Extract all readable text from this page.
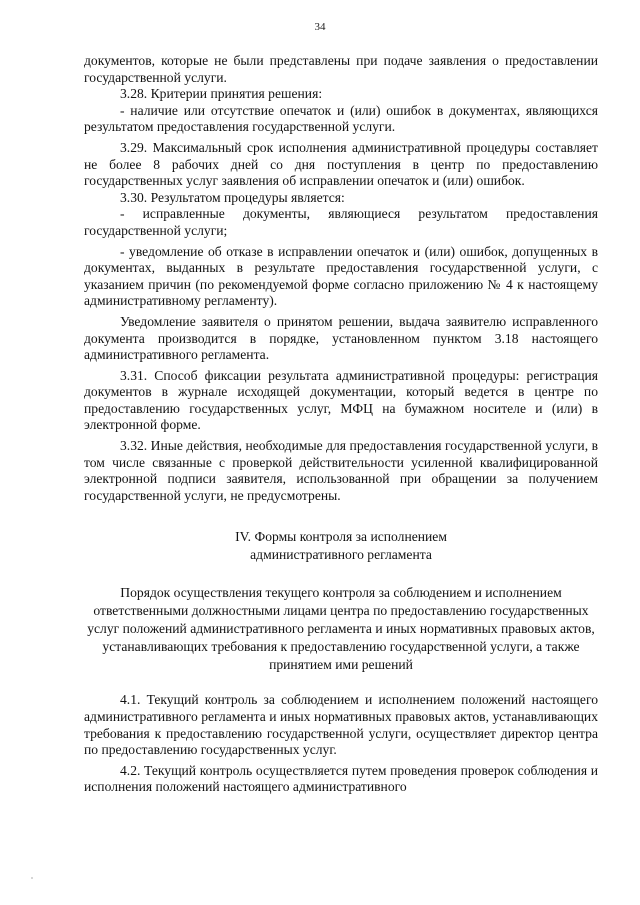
34

документов, которые не были представлены при подаче заявления о предоставлении государственной услуги.

3.28. Критерии принятия решения:

- наличие или отсутствие опечаток и (или) ошибок в документах, являющихся результатом предоставления государственной услуги.

3.29. Максимальный срок исполнения административной процедуры составляет не более 8 рабочих дней со дня поступления в центр по предоставлению государственных услуг заявления об исправлении опечаток и (или) ошибок.

3.30. Результатом процедуры является:

- исправленные документы, являющиеся результатом предоставления государственной услуги;

- уведомление об отказе в исправлении опечаток и (или) ошибок, допущенных в документах, выданных в результате предоставления государственной услуги, с указанием причин (по рекомендуемой форме согласно приложению № 4 к настоящему административному регламенту).

Уведомление заявителя о принятом решении, выдача заявителю исправленного документа производится в порядке, установленном пунктом 3.18 настоящего административного регламента.

3.31. Способ фиксации результата административной процедуры: регистрация документов в журнале исходящей документации, который ведется в центре по предоставлению государственных услуг, МФЦ на бумажном носителе и (или) в электронной форме.

3.32. Иные действия, необходимые для предоставления государственной услуги, в том числе связанные с проверкой действительности усиленной квалифицированной электронной подписи заявителя, использованной при обращении за получением государственной услуги, не предусмотрены.

IV. Формы контроля за исполнением
административного регламента

Порядок осуществления текущего контроля за соблюдением и исполнением ответственными должностными лицами центра по предоставлению государственных услуг положений административного регламента и иных нормативных правовых актов, устанавливающих требования к предоставлению государственной услуги, а также принятием ими решений

4.1. Текущий контроль за соблюдением и исполнением положений настоящего административного регламента и иных нормативных правовых актов, устанавливающих требования к предоставлению государственной услуги, осуществляет директор центра по предоставлению государственных услуг.

4.2. Текущий контроль осуществляется путем проведения проверок соблюдения и исполнения положений настоящего административного
